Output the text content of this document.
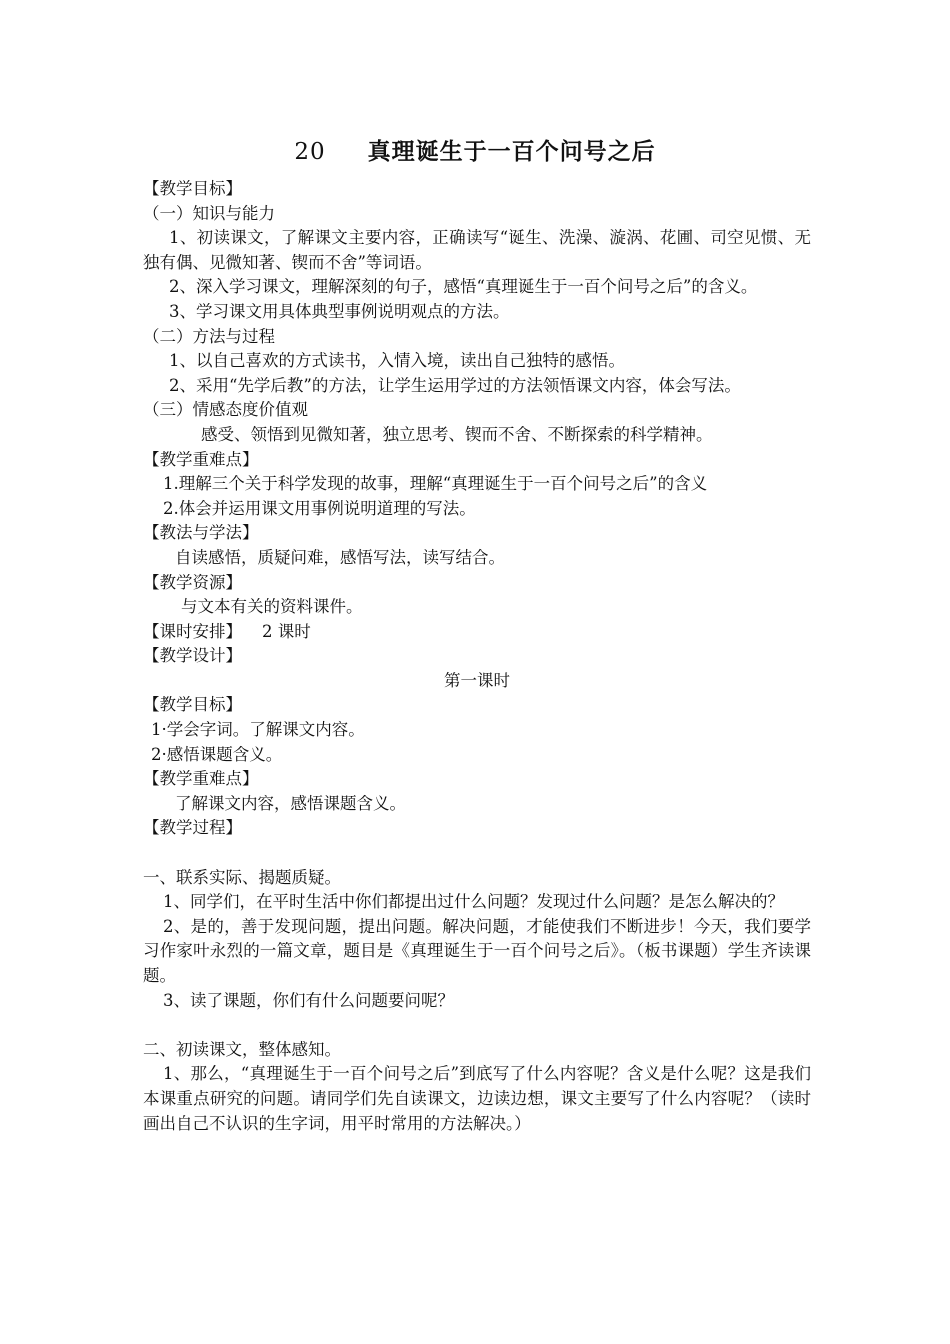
20 真理诞生于一百个问号之后
【教学目标】
（一）知识与能力
1、初读课文，了解课文主要内容，正确读写“诞生、洗澡、漩涡、花圃、司空见惯、无独有偶、见微知著、锲而不舍”等词语。
2、深入学习课文，理解深刻的句子，感悟“真理诞生于一百个问号之后”的含义。
3、学习课文用具体典型事例说明观点的方法。
（二）方法与过程
1、以自己喜欢的方式读书，入情入境，读出自己独特的感悟。
2、采用“先学后教”的方法，让学生运用学过的方法领悟课文内容，体会写法。
（三）情感态度价值观
感受、领悟到见微知著，独立思考、锲而不舍、不断探索的科学精神。
【教学重难点】
1.理解三个关于科学发现的故事，理解“真理诞生于一百个问号之后”的含义
2.体会并运用课文用事例说明道理的写法。
【教法与学法】
自读感悟，质疑问难，感悟写法，读写结合。
【教学资源】
与文本有关的资料课件。
【课时安排】 2 课时
【教学设计】
第一课时
【教学目标】
1·学会字词。了解课文内容。
2·感悟课题含义。
【教学重难点】
了解课文内容，感悟课题含义。
【教学过程】
一、联系实际、揭题质疑。
1、同学们，在平时生活中你们都提出过什么问题？发现过什么问题？是怎么解决的？
2、是的，善于发现问题，提出问题。解决问题，才能使我们不断进步！今天，我们要学习作家叶永烈的一篇文章，题目是《真理诞生于一百个问号之后》。（板书课题）学生齐读课题。
3、读了课题，你们有什么问题要问呢？
二、初读课文，整体感知。
1、那么，“真理诞生于一百个问号之后”到底写了什么内容呢？含义是什么呢？这是我们本课重点研究的问题。请同学们先自读课文，边读边想，课文主要写了什么内容呢？（读时画出自己不认识的生字词，用平时常用的方法解决。）
